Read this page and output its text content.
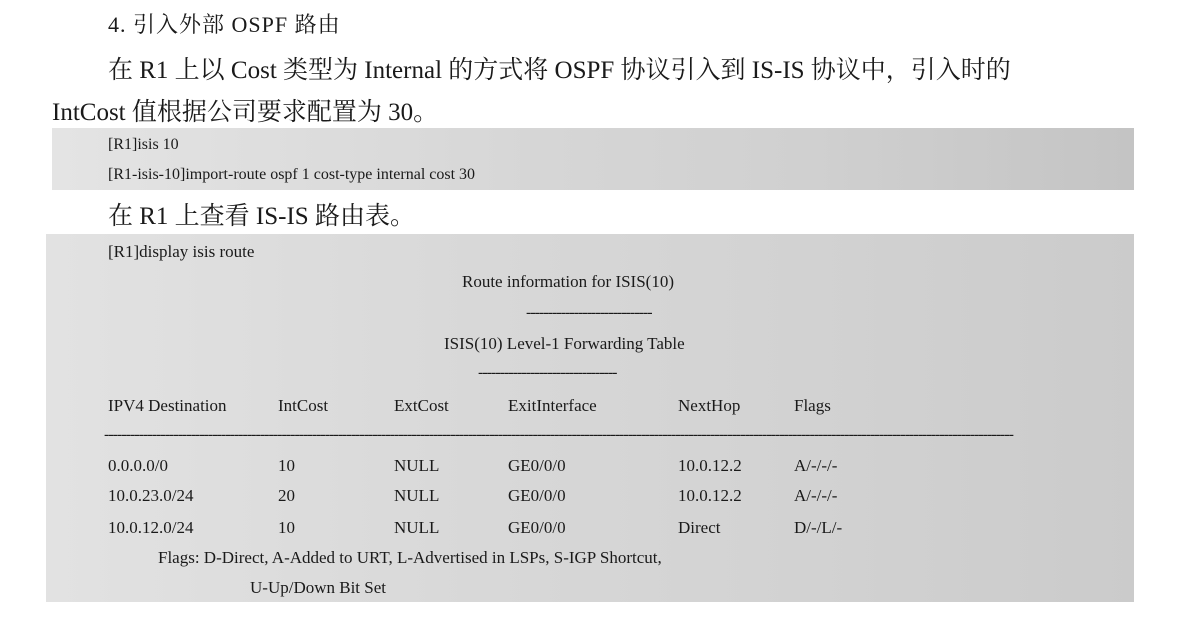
4. 引入外部 OSPF 路由
在 R1 上以 Cost 类型为 Internal 的方式将 OSPF 协议引入到 IS-IS 协议中，引入时的
IntCost 值根据公司要求配置为 30。
[R1]isis 10
[R1-isis-10]import-route ospf 1 cost-type internal cost 30
在 R1 上查看 IS-IS 路由表。
[R1]display isis route
Route information for ISIS(10)
-----------------------------
ISIS(10) Level-1 Forwarding Table
--------------------------------
IPV4 Destination	IntCost	ExtCost	ExitInterface	NextHop	Flags
------------------------------------------------------------------------------------------------------------------------------------------------------------------------------------------------------------------
0.0.0.0/0	10	NULL	GE0/0/0	10.0.12.2	A/-/-/-
10.0.23.0/24	20	NULL	GE0/0/0	10.0.12.2	A/-/-/-
10.0.12.0/24	10	NULL	GE0/0/0	Direct	D/-/L/-
Flags: D-Direct, A-Added to URT, L-Advertised in LSPs, S-IGP Shortcut,
U-Up/Down Bit Set
